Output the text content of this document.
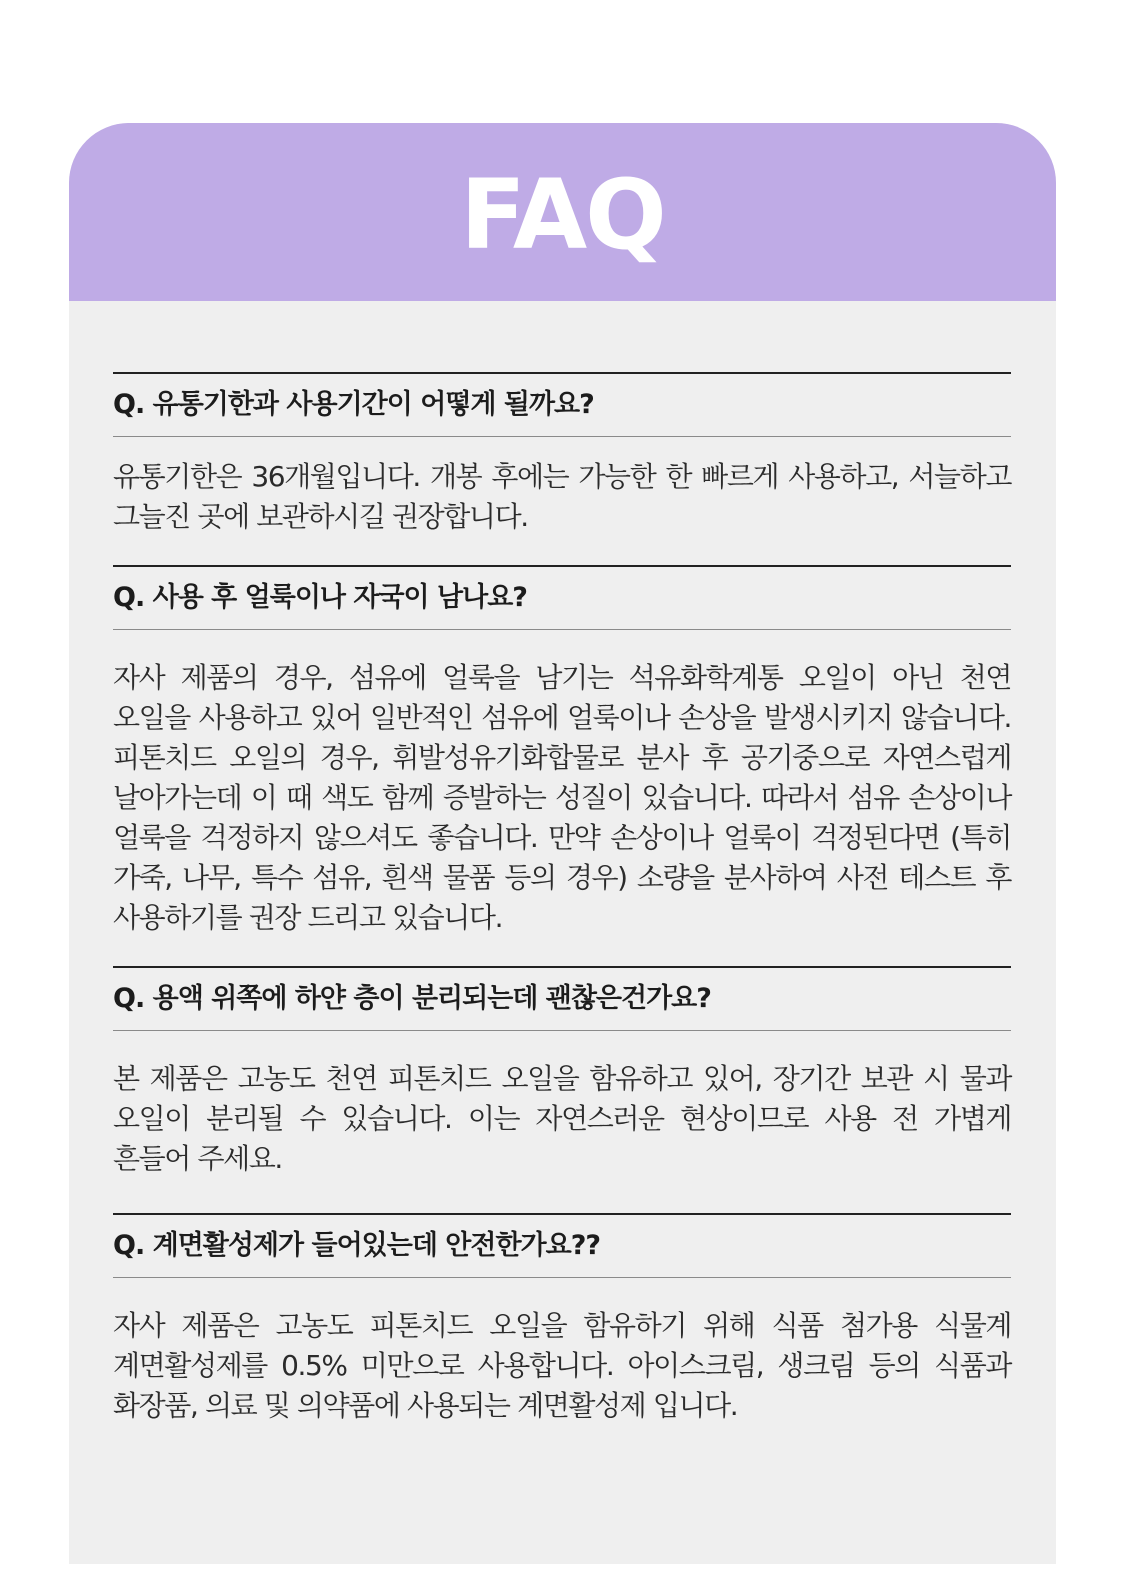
FAQ
Q. 유통기한과 사용기간이 어떻게 될까요?
유통기한은 36개월입니다. 개봉 후에는 가능한 한 빠르게 사용하고, 서늘하고 그늘진 곳에 보관하시길 권장합니다.
Q. 사용 후 얼룩이나 자국이 남나요?
자사 제품의 경우, 섬유에 얼룩을 남기는 석유화학계통 오일이 아닌 천연 오일을 사용하고 있어 일반적인 섬유에 얼룩이나 손상을 발생시키지 않습니다. 피톤치드 오일의 경우, 휘발성유기화합물로 분사 후 공기중으로 자연스럽게 날아가는데 이 때 색도 함께 증발하는 성질이 있습니다. 따라서 섬유 손상이나 얼룩을 걱정하지 않으셔도 좋습니다. 만약 손상이나 얼룩이 걱정된다면 (특히 가죽, 나무, 특수 섬유, 흰색 물품 등의 경우) 소량을 분사하여 사전 테스트 후 사용하기를 권장 드리고 있습니다.
Q. 용액 위쪽에 하얀 층이 분리되는데 괜찮은건가요?
본 제품은 고농도 천연 피톤치드 오일을 함유하고 있어, 장기간 보관 시 물과 오일이 분리될 수 있습니다. 이는 자연스러운 현상이므로 사용 전 가볍게 흔들어 주세요.
Q. 계면활성제가 들어있는데 안전한가요??
자사 제품은 고농도 피톤치드 오일을 함유하기 위해 식품 첨가용 식물계 계면활성제를 0.5% 미만으로 사용합니다. 아이스크림, 생크림 등의 식품과 화장품, 의료 및 의약품에 사용되는 계면활성제 입니다.
